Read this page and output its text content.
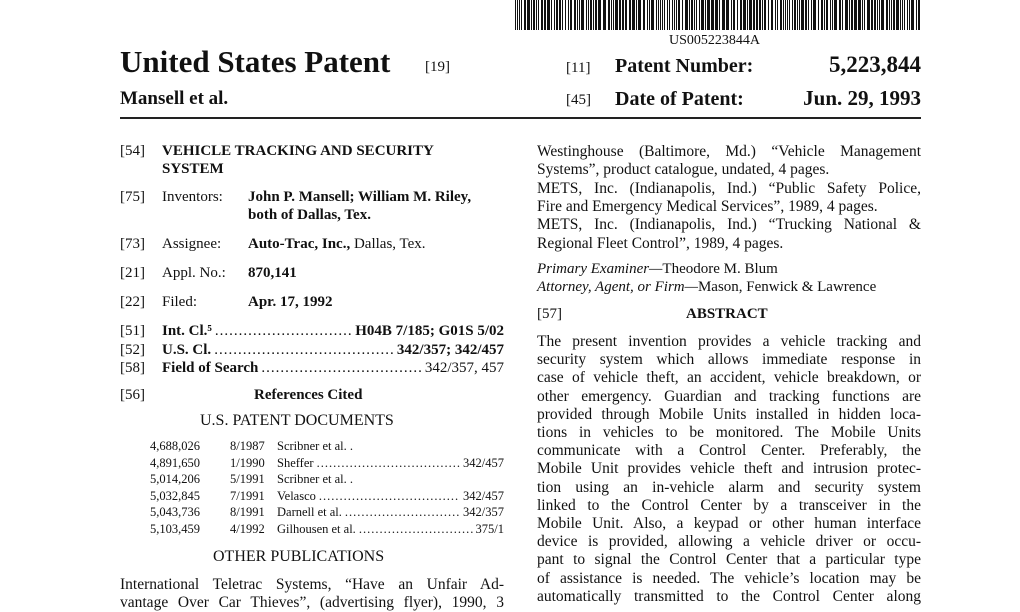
US005223844A
United States Patent [19]
Mansell et al.
[11] Patent Number:	5,223,844
[45] Date of Patent:	Jun. 29, 1993
[54] VEHICLE TRACKING AND SECURITY
SYSTEM
[75] Inventors: John P. Mansell; William M. Riley,
both of Dallas, Tex.
[73] Assignee: Auto-Trac, Inc., Dallas, Tex.
[21] Appl. No.: 870,141
[22] Filed:	Apr. 17, 1992
[51] Int. Cl.⁵ .....	H04B 7/185; G01S 5/02
[52] U.S. Cl. .....	342/357; 342/457
[58] Field of Search .....	342/357, 457
[56]	References Cited
U.S. PATENT DOCUMENTS
4,688,026 8/1987 Scribner et al. .
4,891,650 1/1990 Sheffer .....	342/457
5,014,206 5/1991 Scribner et al. .
5,032,845 7/1991 Velasco .....	342/457
5,043,736 8/1991 Darnell et al. .....	342/357
5,103,459 4/1992 Gilhousen et al. .....	375/1
OTHER PUBLICATIONS
International Teletrac Systems, “Have an Unfair Ad-
vantage Over Car Thieves”, (advertising flyer), 1990, 3
Westinghouse (Baltimore, Md.) “Vehicle Management
Systems”, product catalogue, undated, 4 pages.
METS, Inc. (Indianapolis, Ind.) “Public Safety Police,
Fire and Emergency Medical Services”, 1989, 4 pages.
METS, Inc. (Indianapolis, Ind.) “Trucking National &
Regional Fleet Control”, 1989, 4 pages.
Primary Examiner—Theodore M. Blum
Attorney, Agent, or Firm—Mason, Fenwick & Lawrence
[57]	ABSTRACT
The present invention provides a vehicle tracking and
security system which allows immediate response in
case of vehicle theft, an accident, vehicle breakdown, or
other emergency. Guardian and tracking functions are
provided through Mobile Units installed in hidden loca-
tions in vehicles to be monitored. The Mobile Units
communicate with a Control Center. Preferably, the
Mobile Unit provides vehicle theft and intrusion protec-
tion using an in-vehicle alarm and security system
linked to the Control Center by a transceiver in the
Mobile Unit. Also, a keypad or other human interface
device is provided, allowing a vehicle driver or occu-
pant to signal the Control Center that a particular type
of assistance is needed. The vehicle’s location may be
automatically transmitted to the Control Center along
